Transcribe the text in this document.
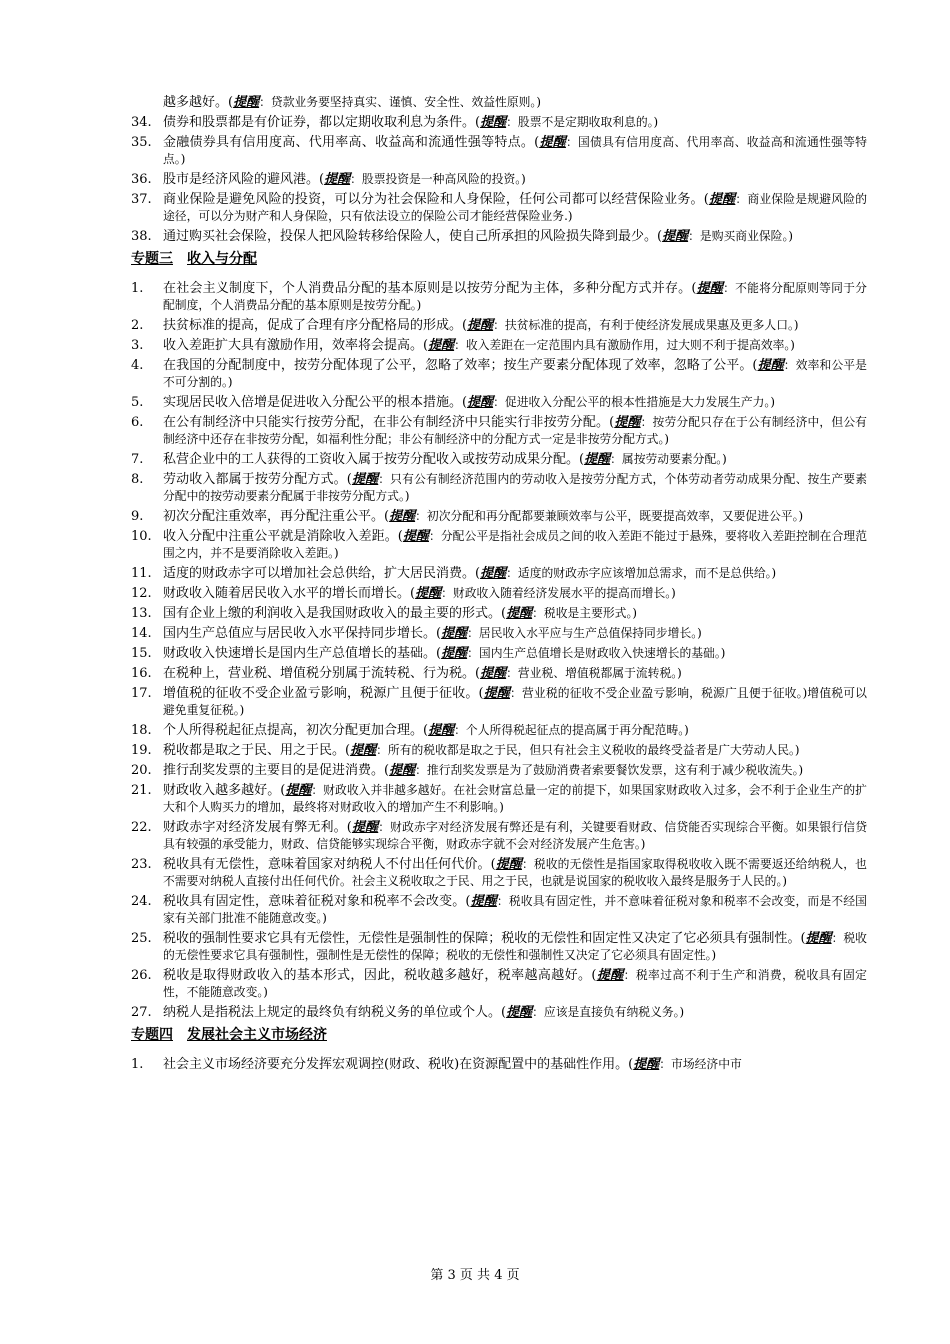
越多越好。(提醒：贷款业务要坚持真实、谨慎、安全性、效益性原则。)
34. 债券和股票都是有价证券，都以定期收取利息为条件。(提醒：股票不是定期收取利息的。)
35. 金融债券具有信用度高、代用率高、收益高和流通性强等特点。(提醒：国债具有信用度高、代用率高、收益高和流通性强等特点。)
36. 股市是经济风险的避风港。(提醒：股票投资是一种高风险的投资。)
37. 商业保险是避免风险的投资，可以分为社会保险和人身保险，任何公司都可以经营保险业务。(提醒：商业保险是规避风险的途径，可以分为财产和人身保险，只有依法设立的保险公司才能经营保险业务.)
38. 通过购买社会保险，投保人把风险转移给保险人，使自己所承担的风险损失降到最少。(提醒：是购买商业保险。)
专题三 收入与分配
1.	在社会主义制度下，个人消费品分配的基本原则是以按劳分配为主体，多种分配方式并存。(提醒：不能将分配原则等同于分配制度，个人消费品分配的基本原则是按劳分配。)
2.	扶贫标准的提高，促成了合理有序分配格局的形成。(提醒：扶贫标准的提高，有利于使经济发展成果惠及更多人口。)
3.	收入差距扩大具有激励作用，效率将会提高。(提醒：收入差距在一定范围内具有激励作用，过大则不利于提高效率。)
4.	在我国的分配制度中，按劳分配体现了公平，忽略了效率；按生产要素分配体现了效率，忽略了公平。(提醒：效率和公平是不可分割的。)
5.	实现居民收入倍增是促进收入分配公平的根本措施。(提醒：促进收入分配公平的根本性措施是大力发展生产力。)
6.	在公有制经济中只能实行按劳分配，在非公有制经济中只能实行非按劳分配。(提醒：按劳分配只存在于公有制经济中，但公有制经济中还存在非按劳分配，如福利性分配；非公有制经济中的分配方式一定是非按劳分配方式。)
7.	私营企业中的工人获得的工资收入属于按劳分配收入或按劳动成果分配。(提醒：属按劳动要素分配。)
8.	劳动收入都属于按劳分配方式。(提醒：只有公有制经济范围内的劳动收入是按劳分配方式，个体劳动者劳动成果分配、按生产要素分配中的按劳动要素分配属于非按劳分配方式。)
9.	初次分配注重效率，再分配注重公平。(提醒：初次分配和再分配都要兼顾效率与公平，既要提高效率，又要促进公平。)
10. 收入分配中注重公平就是消除收入差距。(提醒：分配公平是指社会成员之间的收入差距不能过于悬殊，要将收入差距控制在合理范围之内，并不是要消除收入差距。)
11. 适度的财政赤字可以增加社会总供给，扩大居民消费。(提醒：适度的财政赤字应该增加总需求，而不是总供给。)
12. 财政收入随着居民收入水平的增长而增长。(提醒：财政收入随着经济发展水平的提高而增长。)
13. 国有企业上缴的利润收入是我国财政收入的最主要的形式。(提醒：税收是主要形式。)
14. 国内生产总值应与居民收入水平保持同步增长。(提醒：居民收入水平应与生产总值保持同步增长。)
15. 财政收入快速增长是国内生产总值增长的基础。(提醒：国内生产总值增长是财政收入快速增长的基础。)
16. 在税种上，营业税、增值税分别属于流转税、行为税。(提醒：营业税、增值税都属于流转税。)
17. 增值税的征收不受企业盈亏影响，税源广且便于征收。(提醒：营业税的征收不受企业盈亏影响，税源广且便于征收。)增值税可以避免重复征税。)
18. 个人所得税起征点提高，初次分配更加合理。(提醒：个人所得税起征点的提高属于再分配范畴。)
19. 税收都是取之于民、用之于民。(提醒：所有的税收都是取之于民，但只有社会主义税收的最终受益者是广大劳动人民。)
20. 推行刮奖发票的主要目的是促进消费。(提醒：推行刮奖发票是为了鼓励消费者索要餐饮发票，这有利于减少税收流失。)
21. 财政收入越多越好。(提醒：财政收入并非越多越好。在社会财富总量一定的前提下，如果国家财政收入过多，会不利于企业生产的扩大和个人购买力的增加，最终将对财政收入的增加产生不利影响。)
22. 财政赤字对经济发展有弊无利。(提醒：财政赤字对经济发展有弊还是有利，关键要看财政、信贷能否实现综合平衡。如果银行信贷具有较强的承受能力，财政、信贷能够实现综合平衡，财政赤字就不会对经济发展产生危害。)
23. 税收具有无偿性，意味着国家对纳税人不付出任何代价。(提醒：税收的无偿性是指国家取得税收收入既不需要返还给纳税人，也不需要对纳税人直接付出任何代价。社会主义税收取之于民、用之于民，也就是说国家的税收收入最终是服务于人民的。)
24. 税收具有固定性，意味着征税对象和税率不会改变。(提醒：税收具有固定性，并不意味着征税对象和税率不会改变，而是不经国家有关部门批准不能随意改变。)
25. 税收的强制性要求它具有无偿性，无偿性是强制性的保障；税收的无偿性和固定性又决定了它必须具有强制性。(提醒：税收的无偿性要求它具有强制性，强制性是无偿性的保障；税收的无偿性和强制性又决定了它必须具有固定性。)
26. 税收是取得财政收入的基本形式，因此，税收越多越好，税率越高越好。(提醒：税率过高不利于生产和消费，税收具有固定性，不能随意改变。)
27. 纳税人是指税法上规定的最终负有纳税义务的单位或个人。(提醒：应该是直接负有纳税义务。)
专题四 发展社会主义市场经济
1.	社会主义市场经济要充分发挥宏观调控(财政、税收)在资源配置中的基础性作用。(提醒：市场经济中市
第 3 页 共 4 页
